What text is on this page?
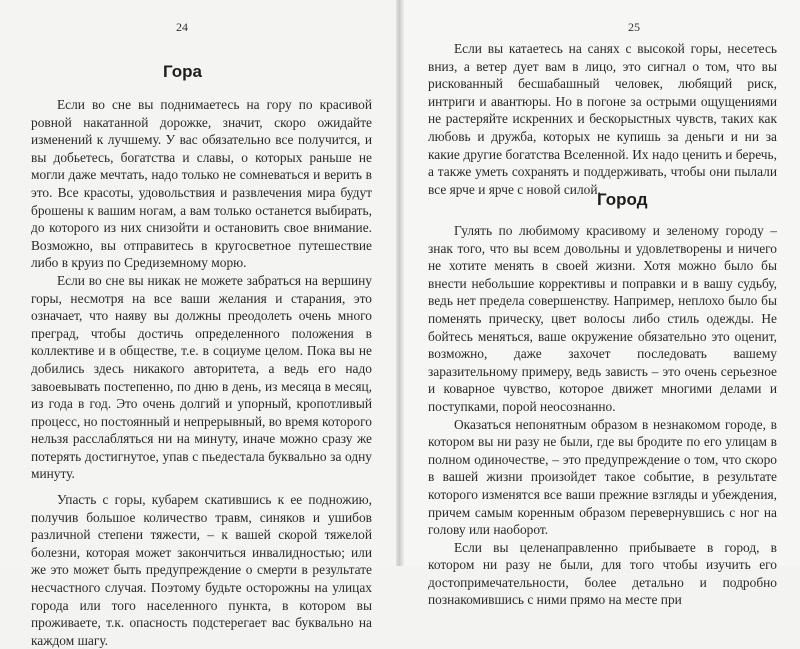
24
Гора

Если во сне вы поднимаетесь на гору по красивой ровной накатанной дорожке, значит, скоро ожидайте изменений к лучшему. У вас обязательно все получится, и вы добьетесь, богатства и славы, о которых раньше не могли даже мечтать, надо только не сомневаться и верить в это. Все красоты, удовольствия и развлечения мира будут брошены к вашим ногам, а вам только останется выбирать, до которого из них снизойти и остановить свое внимание. Возможно, вы отправитесь в кругосветное путешествие либо в круиз по Средиземному морю.

Если во сне вы никак не можете забраться на вершину горы, несмотря на все ваши желания и старания, это означает, что наяву вы должны преодолеть очень много преград, чтобы достичь определенного положения в коллективе и в обществе, т.е. в социуме целом. Пока вы не добились здесь никакого авторитета, а ведь его надо завоевывать постепенно, по дню в день, из месяца в месяц, из года в год. Это очень долгий и упорный, кропотливый процесс, но постоянный и непрерывный, во время которого нельзя расслабляться ни на минуту, иначе можно сразу же потерять достигнутое, упав с пьедестала буквально за одну минуту.

Упасть с горы, кубарем скатившись к ее подножию, получив большое количество травм, синяков и ушибов различной степени тяжести, – к вашей скорой тяжелой болезни, которая может закончиться инвалидностью; или же это может быть предупреждение о смерти в результате несчастного случая. Поэтому будьте осторожны на улицах города или того населенного пункта, в котором вы проживаете, т.к. опасность подстерегает вас буквально на каждом шагу.

25

Если вы катаетесь на санях с высокой горы, несетесь вниз, а ветер дует вам в лицо, это сигнал о том, что вы рискованный бесшабашный человек, любящий риск, интриги и авантюры. Но в погоне за острыми ощущениями не растеряйте искренних и бескорыстных чувств, таких как любовь и дружба, которых не купишь за деньги и ни за какие другие богатства Вселенной. Их надо ценить и беречь, а также уметь сохранять и поддерживать, чтобы они пылали все ярче и ярче с новой силой.

Город

Гулять по любимому красивому и зеленому городу – знак того, что вы всем довольны и удовлетворены и ничего не хотите менять в своей жизни. Хотя можно было бы внести небольшие коррективы и поправки и в вашу судьбу, ведь нет предела совершенству. Например, неплохо было бы поменять прическу, цвет волосы либо стиль одежды. Не бойтесь меняться, ваше окружение обязательно это оценит, возможно, даже захочет последовать вашему заразительному примеру, ведь зависть – это очень серьезное и коварное чувство, которое движет многими делами и поступками, порой неосознанно.

Оказаться непонятным образом в незнакомом городе, в котором вы ни разу не были, где вы бродите по его улицам в полном одиночестве, – это предупреждение о том, что скоро в вашей жизни произойдет такое событие, в результате которого изменятся все ваши прежние взгляды и убеждения, причем самым коренным образом перевернувшись с ног на голову или наоборот.

Если вы целенаправленно прибываете в город, в котором ни разу не были, для того чтобы изучить его достопримечательности, более детально и подробно познакомившись с ними прямо на месте при
